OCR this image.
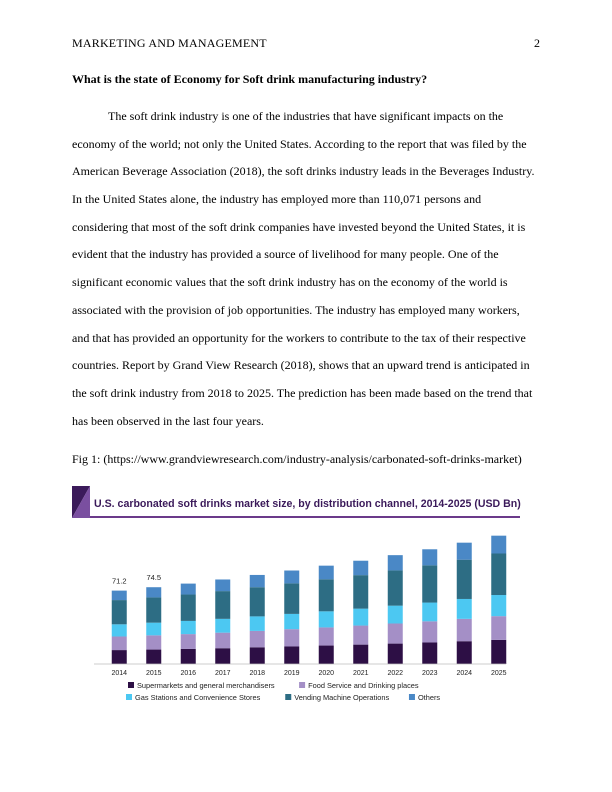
MARKETING AND MANAGEMENT	2
What is the state of Economy for Soft drink manufacturing industry?
The soft drink industry is one of the industries that have significant impacts on the
economy of the world; not only the United States. According to the report that was filed by the
American Beverage Association (2018), the soft drinks industry leads in the Beverages Industry.
In the United States alone, the industry has employed more than 110,071 persons and
considering that most of the soft drink companies have invested beyond the United States, it is
evident that the industry has provided a source of livelihood for many people. One of the
significant economic values that the soft drink industry has on the economy of the world is
associated with the provision of job opportunities. The industry has employed many workers,
and that has provided an opportunity for the workers to contribute to the tax of their respective
countries. Report by Grand View Research (2018), shows that an upward trend is anticipated in
the soft drink industry from 2018 to 2025. The prediction has been made based on the trend that
has been observed in the last four years.
Fig 1: (https://www.grandviewresearch.com/industry-analysis/carbonated-soft-drinks-market)
U.S. carbonated soft drinks market size, by distribution channel, 2014-2025 (USD Bn)
2014	2015	2016	2017	2018	2019	2020	2021	2022	2023	2024	2025
71.2	74.5
Supermarkets and general merchandisers	Food Service and Drinking places
Gas Stations and Convenience Stores	Vending Machine Operations	Others
